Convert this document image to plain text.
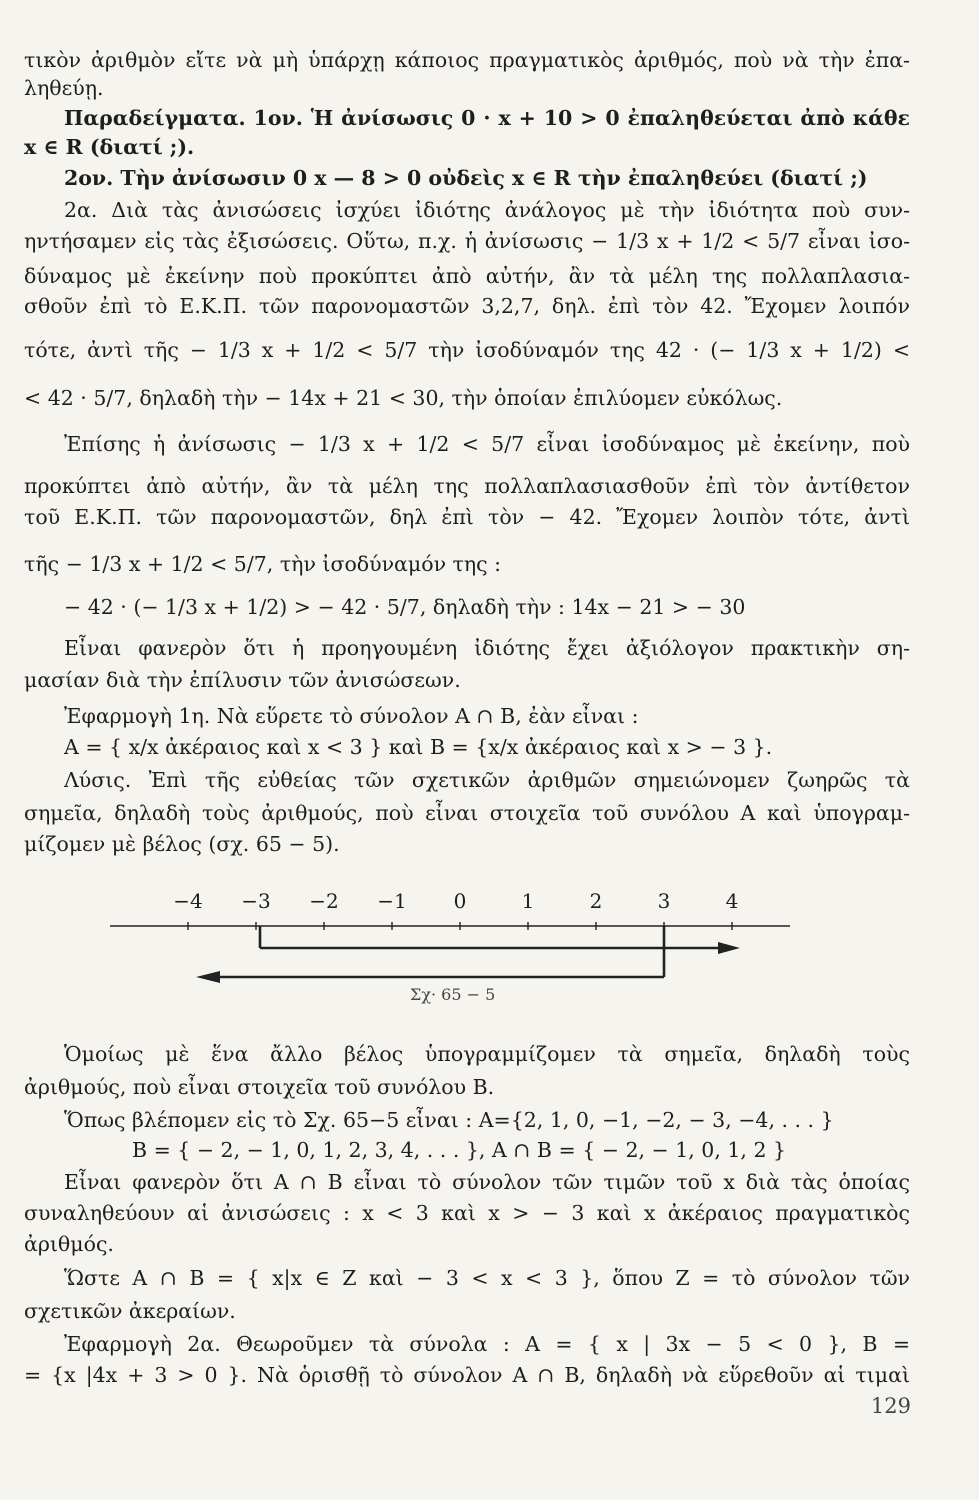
τικὸν ἀριθμὸν εἴτε νὰ μὴ ὑπάρχῃ κάποιος πραγματικὸς ἀριθμός, ποὺ νὰ τὴν ἐπα-
ληθεύῃ.
Παραδείγματα. 1ον. Ἡ ἀνίσωσις 0 · x + 10 > 0 ἐπαληθεύεται ἀπὸ κάθε
x ∈ R (διατί ;).
2ον. Τὴν ἀνίσωσιν 0 x — 8 > 0 οὐδεὶς x ∈ R τὴν ἐπαληθεύει (διατί ;)
2α. Διὰ τὰς ἀνισώσεις ἰσχύει ἰδιότης ἀνάλογος μὲ τὴν ἰδιότητα ποὺ συν-
ηντήσαμεν εἰς τὰς ἐξισώσεις. Οὕτω, π.χ. ἡ ἀνίσωσις − 1/3 x + 1/2 < 5/7 εἶναι ἰσο-
δύναμος μὲ ἐκείνην ποὺ προκύπτει ἀπὸ αὐτήν, ἂν τὰ μέλη της πολλαπλασια-
σθοῦν ἐπὶ τὸ Ε.Κ.Π. τῶν παρονομαστῶν 3,2,7, δηλ. ἐπὶ τὸν 42. Ἔχομεν λοιπόν
τότε, ἀντὶ τῆς − 1/3 x + 1/2 < 5/7 τὴν ἰσοδύναμόν της 42 · (− 1/3 x + 1/2) <
< 42 · 5/7, δηλαδὴ τὴν − 14x + 21 < 30, τὴν ὁποίαν ἐπιλύομεν εὐκόλως.
Ἐπίσης ἡ ἀνίσωσις − 1/3 x + 1/2 < 5/7 εἶναι ἰσοδύναμος μὲ ἐκείνην, ποὺ
προκύπτει ἀπὸ αὐτήν, ἂν τὰ μέλη της πολλαπλασιασθοῦν ἐπὶ τὸν ἀντίθετον
τοῦ Ε.Κ.Π. τῶν παρονομαστῶν, δηλ ἐπὶ τὸν − 42. Ἔχομεν λοιπὸν τότε, ἀντὶ
τῆς − 1/3 x + 1/2 < 5/7, τὴν ἰσοδύναμόν της :
− 42 · (− 1/3 x + 1/2) > − 42 · 5/7, δηλαδὴ τὴν : 14x − 21 > − 30
Εἶναι φανερὸν ὅτι ἡ προηγουμένη ἰδιότης ἔχει ἀξιόλογον πρακτικὴν ση-
μασίαν διὰ τὴν ἐπίλυσιν τῶν ἀνισώσεων.
Ἐφαρμογὴ 1η. Νὰ εὕρετε τὸ σύνολον A ∩ B, ἐὰν εἶναι :
A = { x/x ἀκέραιος καὶ x < 3 } καὶ B = {x/x ἀκέραιος καὶ x > − 3 }.
Λύσις. Ἐπὶ τῆς εὐθείας τῶν σχετικῶν ἀριθμῶν σημειώνομεν ζωηρῶς τὰ
σημεῖα, δηλαδὴ τοὺς ἀριθμούς, ποὺ εἶναι στοιχεῖα τοῦ συνόλου A καὶ ὑπογραμ-
μίζομεν μὲ βέλος (σχ. 65 − 5).
−4 −3 −2 −1 0	1	2	3	4
Σχ· 65 − 5
Ὁμοίως μὲ ἕνα ἄλλο βέλος ὑπογραμμίζομεν τὰ σημεῖα, δηλαδὴ τοὺς
ἀριθμούς, ποὺ εἶναι στοιχεῖα τοῦ συνόλου B.
Ὅπως βλέπομεν εἰς τὸ Σχ. 65−5 εἶναι : A={2, 1, 0, −1, −2, − 3, −4, . . . }
B = { − 2, − 1, 0, 1, 2, 3, 4, . . . }, A ∩ B = { − 2, − 1, 0, 1, 2 }
Εἶναι φανερὸν ὅτι A ∩ B εἶναι τὸ σύνολον τῶν τιμῶν τοῦ x διὰ τὰς ὁποίας
συναληθεύουν αἱ ἀνισώσεις : x < 3 καὶ x > − 3 καὶ x ἀκέραιος πραγματικὸς
ἀριθμός.
Ὥστε A ∩ B = { x|x ∈ Z καὶ − 3 < x < 3 }, ὅπου Z = τὸ σύνολον τῶν
σχετικῶν ἀκεραίων.
Ἐφαρμογὴ 2α. Θεωροῦμεν τὰ σύνολα : A = { x | 3x − 5 < 0 }, B =
= {x |4x + 3 > 0 }. Νὰ ὁρισθῇ τὸ σύνολον A ∩ B, δηλαδὴ νὰ εὕρεθοῦν αἱ τιμαὶ
129
